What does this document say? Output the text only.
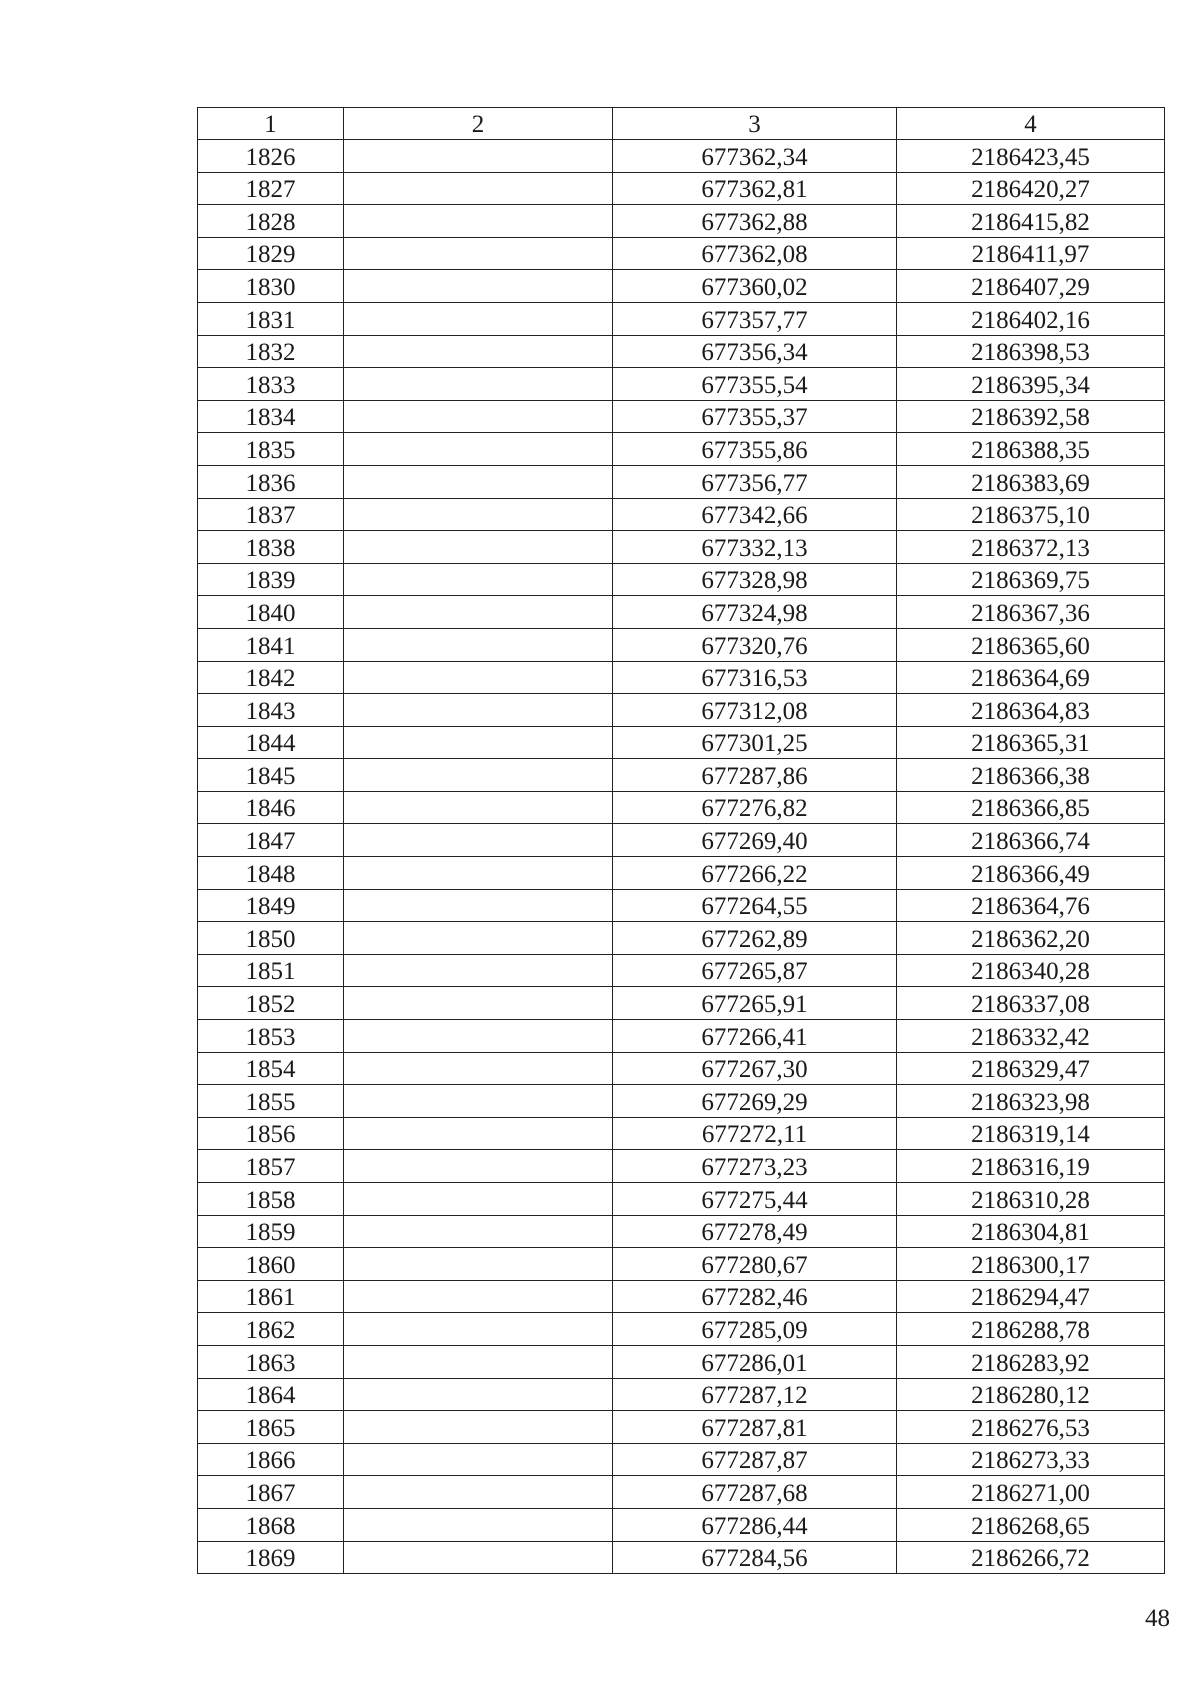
1	2	3	4
1826		677362,34	2186423,45
1827		677362,81	2186420,27
1828		677362,88	2186415,82
1829		677362,08	2186411,97
1830		677360,02	2186407,29
1831		677357,77	2186402,16
1832		677356,34	2186398,53
1833		677355,54	2186395,34
1834		677355,37	2186392,58
1835		677355,86	2186388,35
1836		677356,77	2186383,69
1837		677342,66	2186375,10
1838		677332,13	2186372,13
1839		677328,98	2186369,75
1840		677324,98	2186367,36
1841		677320,76	2186365,60
1842		677316,53	2186364,69
1843		677312,08	2186364,83
1844		677301,25	2186365,31
1845		677287,86	2186366,38
1846		677276,82	2186366,85
1847		677269,40	2186366,74
1848		677266,22	2186366,49
1849		677264,55	2186364,76
1850		677262,89	2186362,20
1851		677265,87	2186340,28
1852		677265,91	2186337,08
1853		677266,41	2186332,42
1854		677267,30	2186329,47
1855		677269,29	2186323,98
1856		677272,11	2186319,14
1857		677273,23	2186316,19
1858		677275,44	2186310,28
1859		677278,49	2186304,81
1860		677280,67	2186300,17
1861		677282,46	2186294,47
1862		677285,09	2186288,78
1863		677286,01	2186283,92
1864		677287,12	2186280,12
1865		677287,81	2186276,53
1866		677287,87	2186273,33
1867		677287,68	2186271,00
1868		677286,44	2186268,65
1869		677284,56	2186266,72
48
